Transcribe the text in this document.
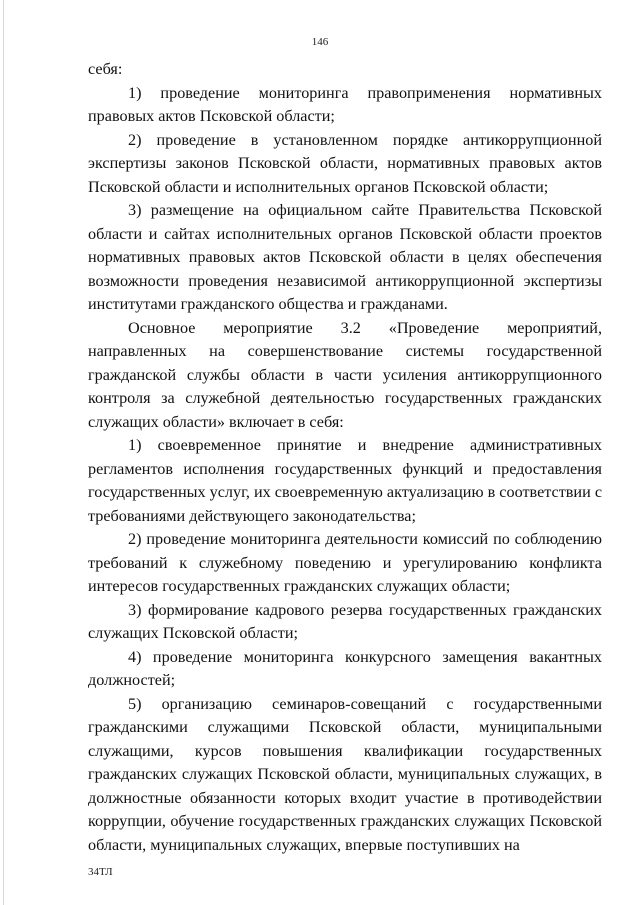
146

себя:

1) проведение мониторинга правоприменения нормативных правовых актов Псковской области;

2) проведение в установленном порядке антикоррупционной экспертизы законов Псковской области, нормативных правовых актов Псковской области и исполнительных органов Псковской области;

3) размещение на официальном сайте Правительства Псковской области и сайтах исполнительных органов Псковской области проектов нормативных правовых актов Псковской области в целях обеспечения возможности проведения независимой антикоррупционной экспертизы институтами гражданского общества и гражданами.

Основное мероприятие 3.2 «Проведение мероприятий, направленных на совершенствование системы государственной гражданской службы области в части усиления антикоррупционного контроля за служебной деятельностью государственных гражданских служащих области» включает в себя:

1) своевременное принятие и внедрение административных регламентов исполнения государственных функций и предоставления государственных услуг, их своевременную актуализацию в соответствии с требованиями действующего законодательства;

2) проведение мониторинга деятельности комиссий по соблюдению требований к служебному поведению и урегулированию конфликта интересов государственных гражданских служащих области;

3) формирование кадрового резерва государственных гражданских служащих Псковской области;

4) проведение мониторинга конкурсного замещения вакантных должностей;

5) организацию семинаров-совещаний с государственными гражданскими служащими Псковской области, муниципальными служащими, курсов повышения квалификации государственных гражданских служащих Псковской области, муниципальных служащих, в должностные обязанности которых входит участие в противодействии коррупции, обучение государственных гражданских служащих Псковской области, муниципальных служащих, впервые поступивших на

34ТЛ
